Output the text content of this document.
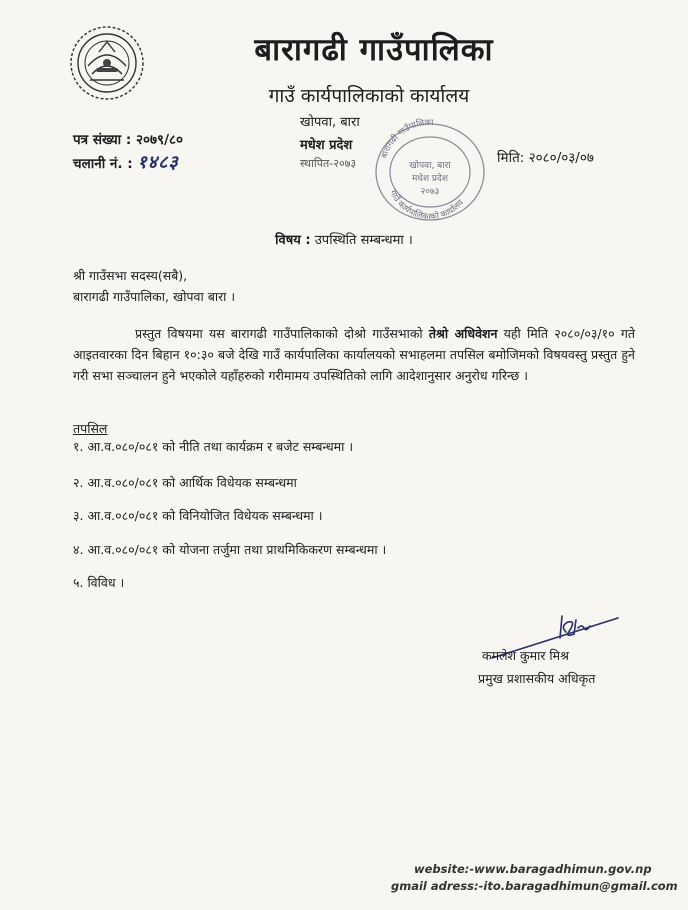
बारागढी गाउँपालिका
गाउँ कार्यपालिकाको कार्यालय
खोपवा, बारा
मधेश प्रदेश
स्थापित-२०७३
बारागढी गाउँपालिका
गाउँ कार्यपालिकाको कार्यालय
खोपवा, बारा
मधेश प्रदेश
२०७३
पत्र संख्या : २०७९/८०
चलानी नं. : १४८३	मिति: २०८०/०३/०७
विषय : उपस्थिति सम्बन्धमा ।
श्री गाउँसभा सदस्य(सबै),
बारागढी गाउँपालिका, खोपवा बारा ।
प्रस्तुत विषयमा यस बारागढी गाउँपालिकाको दोश्रो गाउँसभाको तेश्रो अधिवेशन यही मिति २०८०/०३/१० गते आइतवारका दिन बिहान १०:३० बजे देखि गाउँ कार्यपालिका कार्यालयको सभाहलमा तपसिल बमोजिमको विषयवस्तु प्रस्तुत हुने गरी सभा सञ्चालन हुने भएकोले यहाँहरुको गरीमामय उपस्थितिको लागि आदेशानुसार अनुरोध गरिन्छ ।
तपसिल
१. आ.व.०८०/०८१ को नीति तथा कार्यक्रम र बजेट सम्बन्धमा ।
२. आ.व.०८०/०८१ को आर्थिक विधेयक सम्बन्धमा
३. आ.व.०८०/०८१ को विनियोजित विधेयक सम्बन्धमा ।
४. आ.व.०८०/०८१ को योजना तर्जुमा तथा प्राथमिकिकरण सम्बन्धमा ।
५. विविध ।
कमलेश कुमार मिश्र
प्रमुख प्रशासकीय अधिकृत
website:-www.baragadhimun.gov.np
gmail adress:-ito.baragadhimun@gmail.com
